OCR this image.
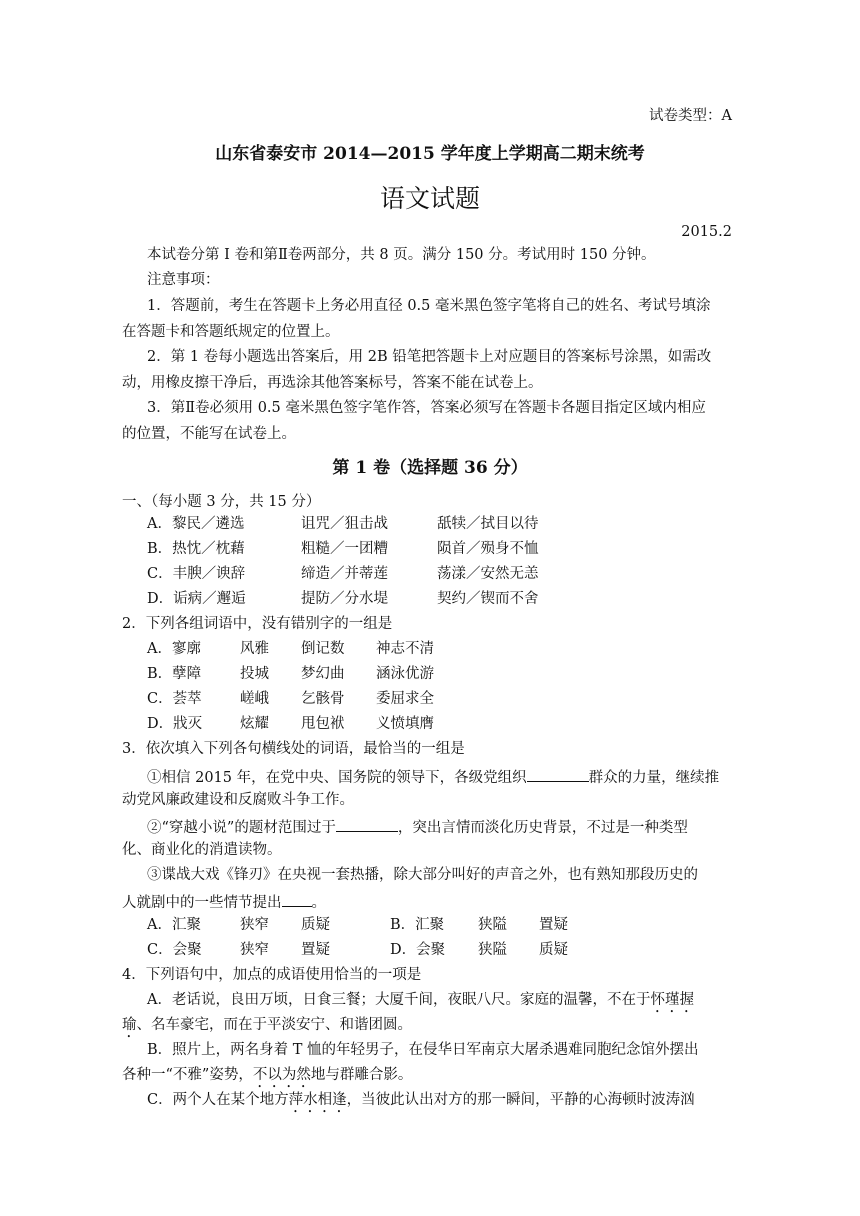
试卷类型：A
山东省泰安市 2014—2015 学年度上学期高二期末统考
语文试题
2015.2
本试卷分第 I 卷和第Ⅱ卷两部分，共 8 页。满分 150 分。考试用时 150 分钟。
注意事项：
1．答题前，考生在答题卡上务必用直径 0.5 毫米黑色签字笔将自己的姓名、考试号填涂
在答题卡和答题纸规定的位置上。
2．第 1 卷每小题选出答案后，用 2B 铅笔把答题卡上对应题目的答案标号涂黑，如需改
动，用橡皮擦干净后，再选涂其他答案标号，答案不能在试卷上。
3．第Ⅱ卷必须用 0.5 毫米黑色签字笔作答，答案必须写在答题卡各题目指定区域内相应
的位置，不能写在试卷上。
第 1 卷（选择题 36 分）
一、（每小题 3 分，共 15 分）
A．黎民／遴选	诅咒／狙击战	舐犊／拭目以待
B．热忱／枕藉	粗糙／一团糟	陨首／殒身不恤
C．丰腴／谀辞	缔造／并蒂莲	荡漾／安然无恙
D．诟病／邂逅	提防／分水堤	契约／锲而不舍
2．下列各组词语中，没有错别字的一组是
A．寥廓	风雅 倒记数 神志不清
B．孽障	投城 梦幻曲 涵泳优游
C．荟萃	嵯峨 乞骸骨 委屈求全
D．戕灭	炫耀 甩包袱 义愤填膺
3．依次填入下列各句横线处的词语，最恰当的一组是
①相信 2015 年，在党中央、国务院的领导下，各级党组织	群众的力量，继续推
动党风廉政建设和反腐败斗争工作。
②“穿越小说”的题材范围过于	，突出言情而淡化历史背景，不过是一种类型
化、商业化的消遣读物。
③谍战大戏《锋刃》在央视一套热播，除大部分叫好的声音之外，也有熟知那段历史的
人就剧中的一些情节提出 。
A．汇聚	狭窄 质疑	B．汇聚 狭隘 置疑
C．会聚	狭窄 置疑	D．会聚 狭隘 质疑
4．下列语句中，加点的成语使用恰当的一项是
A．老话说，良田万顷，日食三餐；大厦千间，夜眠八尺。家庭的温馨，不在于怀瑾握
瑜、名车豪宅，而在于平淡安宁、和谐团圆。
B．照片上，两名身着 T 恤的年轻男子，在侵华日军南京大屠杀遇难同胞纪念馆外摆出
各种一“不雅”姿势，不以为然地与群雕合影。
C．两个人在某个地方萍水相逢，当彼此认出对方的那一瞬间，平静的心海顿时波涛汹
